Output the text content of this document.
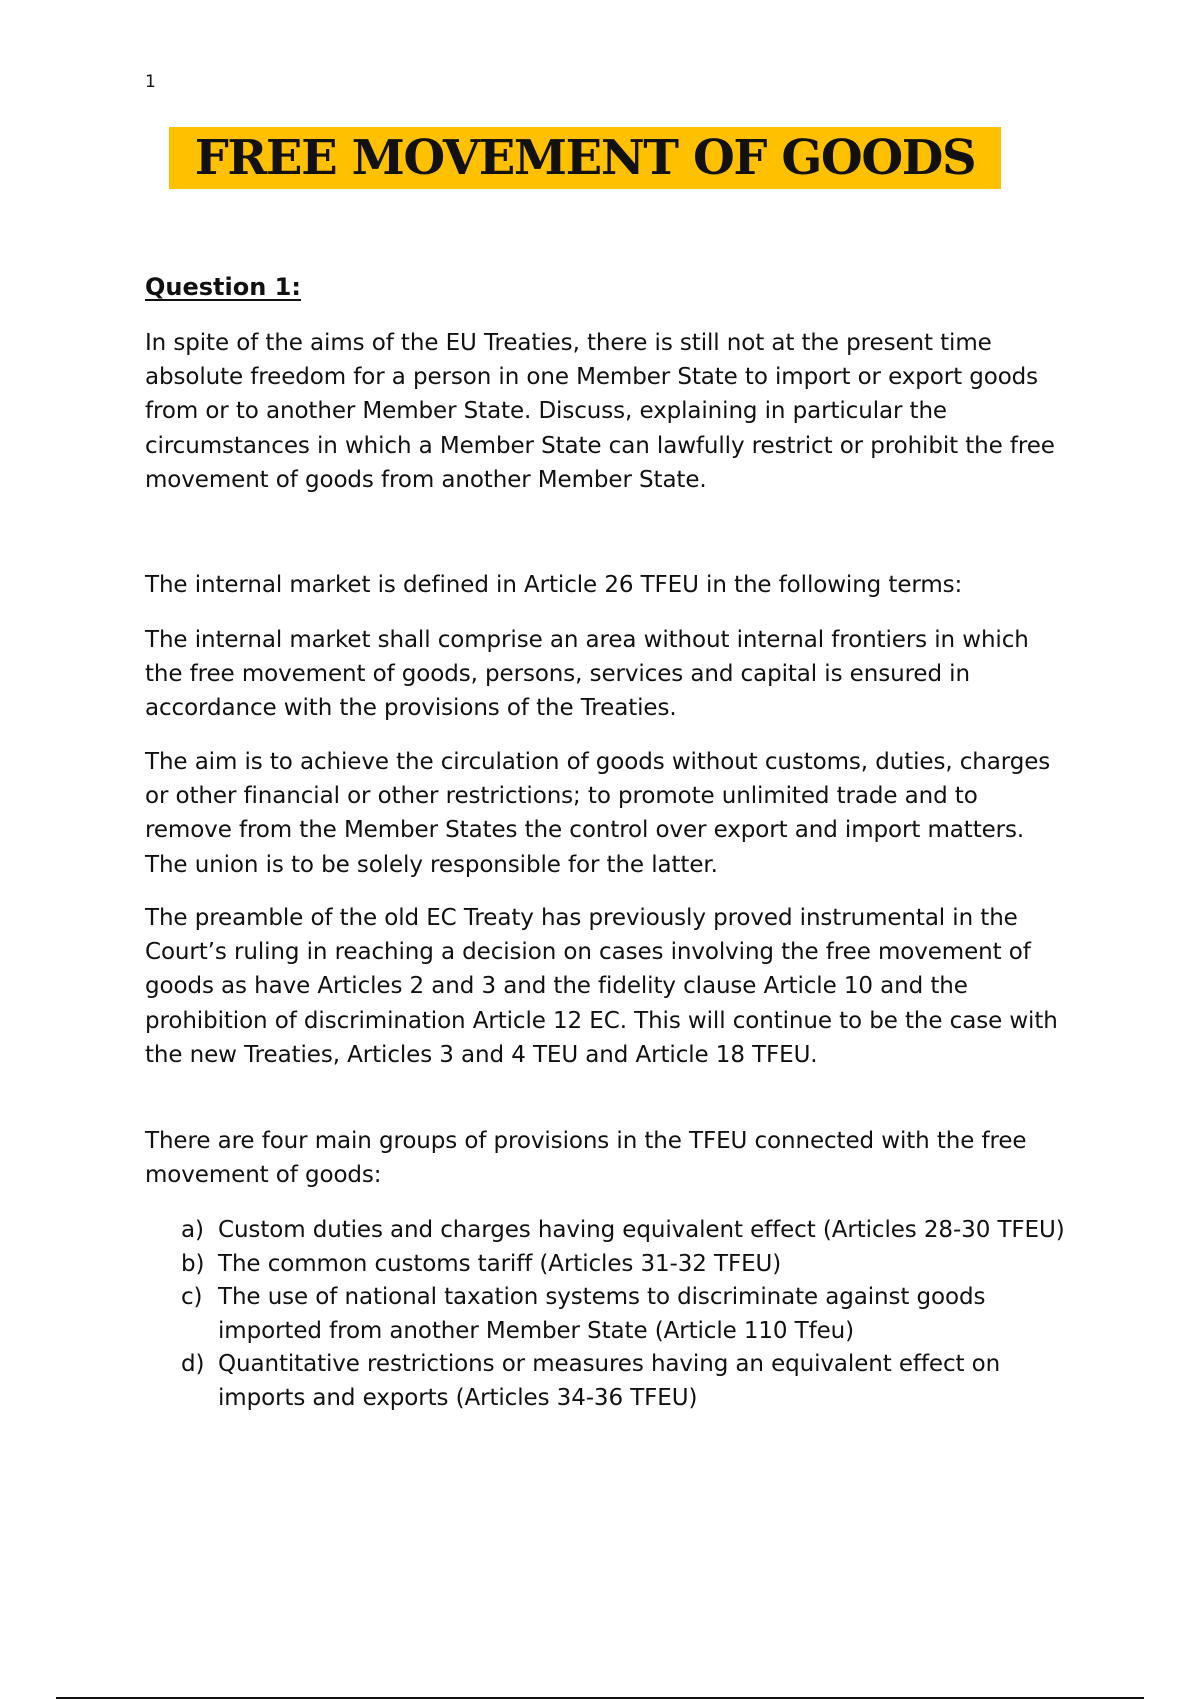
1
FREE MOVEMENT OF GOODS
Question 1:

In spite of the aims of the EU Treaties, there is still not at the present time absolute freedom for a person in one Member State to import or export goods from or to another Member State. Discuss, explaining in particular the circumstances in which a Member State can lawfully restrict or prohibit the free movement of goods from another Member State.

The internal market is defined in Article 26 TFEU in the following terms:

The internal market shall comprise an area without internal frontiers in which the free movement of goods, persons, services and capital is ensured in accordance with the provisions of the Treaties.

The aim is to achieve the circulation of goods without customs, duties, charges or other financial or other restrictions; to promote unlimited trade and to remove from the Member States the control over export and import matters. The union is to be solely responsible for the latter.

The preamble of the old EC Treaty has previously proved instrumental in the Court’s ruling in reaching a decision on cases involving the free movement of goods as have Articles 2 and 3 and the fidelity clause Article 10 and the prohibition of discrimination Article 12 EC. This will continue to be the case with the new Treaties, Articles 3 and 4 TEU and Article 18 TFEU.

There are four main groups of provisions in the TFEU connected with the free movement of goods:

a) Custom duties and charges having equivalent effect (Articles 28-30 TFEU)
b) The common customs tariff (Articles 31-32 TFEU)
c) The use of national taxation systems to discriminate against goods imported from another Member State (Article 110 Tfeu)
d) Quantitative restrictions or measures having an equivalent effect on imports and exports (Articles 34-36 TFEU)
